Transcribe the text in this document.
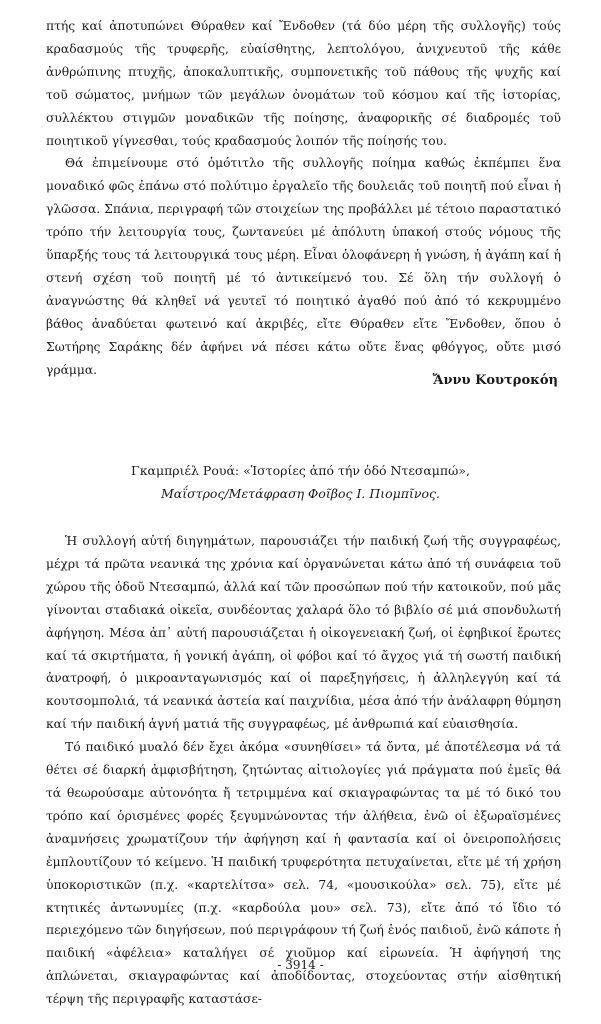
πτής καί ἀποτυπώνει Θύραθεν καί Ἔνδοθεν (τά δύο μέρη τῆς συλλογῆς) τούς κραδασμούς τῆς τρυφερῆς, εὐαίσθητης, λεπτολόγου, ἀνιχνευτοῦ τῆς κάθε ἀνθρώπινης πτυχῆς, ἀποκαλυπτικῆς, συμπονετικῆς τοῦ πάθους τῆς ψυχῆς καί τοῦ σώματος, μνήμων τῶν μεγάλων ὀνομάτων τοῦ κόσμου καί τῆς ἱστορίας, συλλέκτου στιγμῶν μοναδικῶν τῆς ποίησης, ἀναφορικῆς σέ διαδρομές τοῦ ποιητικοῦ γίγνεσθαι, τούς κραδασμούς λοιπόν τῆς ποίησής του.

Θά ἐπιμείνουμε στό ὁμότιτλο τῆς συλλογῆς ποίημα καθώς ἐκπέμπει ἕνα μοναδικό φῶς ἐπάνω στό πολύτιμο ἐργαλεῖο τῆς δουλειᾶς τοῦ ποιητῆ πού εἶναι ἡ γλῶσσα. Σπάνια, περιγραφή τῶν στοιχείων της προβάλλει μέ τέτοιο παραστατικό τρόπο τήν λειτουργία τους, ζωντανεύει μέ ἀπόλυτη ὑπακοή στούς νόμους τῆς ὕπαρξής τους τά λειτουργικά τους μέρη. Εἶναι ὁλοφάνερη ἡ γνώση, ἡ ἀγάπη καί ἡ στενή σχέση τοῦ ποιητῆ μέ τό ἀντικείμενό του. Σέ ὅλη τήν συλλογή ὁ ἀναγνώστης θά κληθεῖ νά γευτεῖ τό ποιητικό ἀγαθό πού ἀπό τό κεκρυμμένο βάθος ἀναδύεται φωτεινό καί ἀκριβές, εἴτε Θύραθεν εἴτε Ἔνδοθεν, ὅπου ὁ Σωτήρης Σαράκης δέν ἀφήνει νά πέσει κάτω οὔτε ἕνας φθόγγος, οὔτε μισό γράμμα.

Ἄννυ Κουτροκόη
Γκαμπριέλ Ρουά: «Ἱστορίες ἀπό τήν ὁδό Ντεσαμπώ»,
Μαΐστρος/Μετάφραση Φοῖβος Ι. Πιομπῖνος.

Ἡ συλλογή αὐτή διηγημάτων, παρουσιάζει τήν παιδική ζωή τῆς συγγραφέως, μέχρι τά πρῶτα νεανικά της χρόνια καί ὀργανώνεται κάτω ἀπό τή συνάφεια τοῦ χώρου τῆς ὁδοῦ Ντεσαμπώ, ἀλλά καί τῶν προσώπων πού τήν κατοικοῦν, πού μᾶς γίνονται σταδιακά οἰκεῖα, συνδέοντας χαλαρά ὅλο τό βιβλίο σέ μιά σπονδυλωτή ἀφήγηση. Μέσα ἀπ᾽ αὐτή παρουσιάζεται ἡ οἰκογενειακή ζωή, οἱ ἐφηβικοί ἔρωτες καί τά σκιρτήματα, ἡ γονική ἀγάπη, οἱ φόβοι καί τό ἄγχος γιά τή σωστή παιδική ἀνατροφή, ὁ μικροανταγωνισμός καί οἱ παρεξηγήσεις, ἡ ἀλληλεγγύη καί τά κουτσομπολιά, τά νεανικά ἀστεία καί παιχνίδια, μέσα ἀπό τήν ἀνάλαφρη θύμηση καί τήν παιδική ἁγνή ματιά τῆς συγγραφέως, μέ ἀνθρωπιά καί εὐαισθησία.

Τό παιδικό μυαλό δέν ἔχει ἀκόμα «συνηθίσει» τά ὄντα, μέ ἀποτέλεσμα νά τά θέτει σέ διαρκή ἀμφισβήτηση, ζητώντας αἰτιολογίες γιά πράγματα πού ἐμεῖς θά τά θεωρούσαμε αὐτονόητα ἤ τετριμμένα καί σκιαγραφώντας τα μέ τό δικό του τρόπο καί ὁρισμένες φορές ξεγυμνώνοντας τήν ἀλήθεια, ἐνῶ οἱ ἐξωραϊσμένες ἀναμνήσεις χρωματίζουν τήν ἀφήγηση καί ἡ φαντασία καί οἱ ὀνειροπολήσεις ἐμπλουτίζουν τό κείμενο. Ἡ παιδική τρυφερότητα πετυχαίνεται, εἴτε μέ τή χρήση ὑποκοριστικῶν (π.χ. «καρτελίτσα» σελ. 74, «μουσικούλα» σελ. 75), εἴτε μέ κτητικές ἀντωνυμίες (π.χ. «καρδούλα μου» σελ. 73), εἴτε ἀπό τό ἴδιο τό περιεχόμενο τῶν διηγήσεων, πού περιγράφουν τή ζωή ἑνός παιδιοῦ, ἐνῶ κάποτε ἡ παιδική «ἀφέλεια» καταλήγει σέ χιοῦμορ καί εἰρωνεία. Ἡ ἀφήγησή της ἁπλώνεται, σκιαγραφώντας καί ἀποδίδοντας, στοχεύοντας στήν αἰσθητική τέρψη τῆς περιγραφῆς καταστάσε-

- 3914 -
